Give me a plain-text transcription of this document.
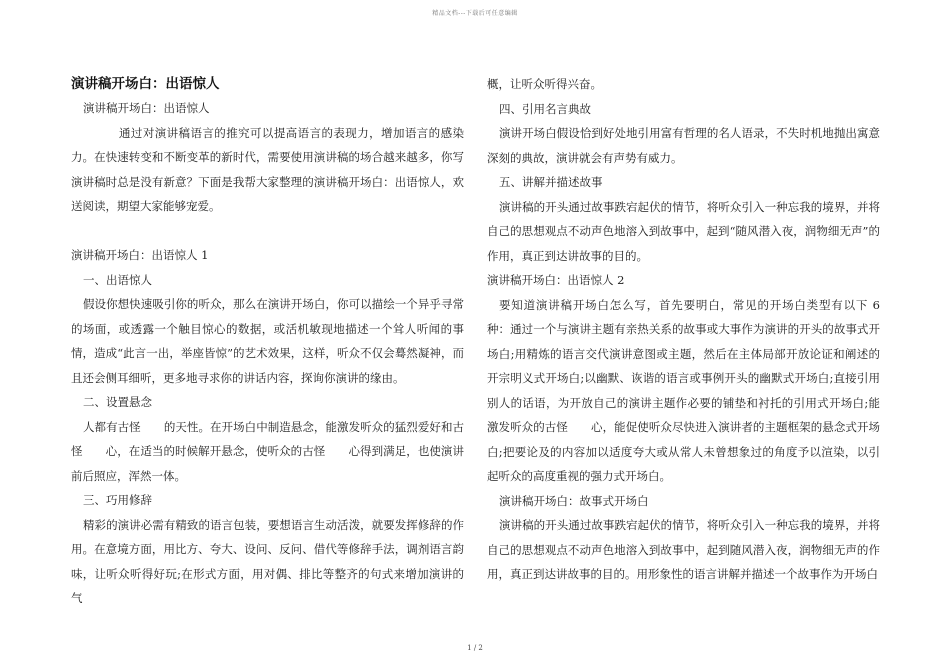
精品文档---下载后可任意编辑
演讲稿开场白：出语惊人
演讲稿开场白：出语惊人
通过对演讲稿语言的推究可以提高语言的表现力，增加语言的感染力。在快速转变和不断变革的新时代，需要使用演讲稿的场合越来越多，你写演讲稿时总是没有新意？下面是我帮大家整理的演讲稿开场白：出语惊人，欢送阅读，期望大家能够宠爱。
演讲稿开场白：出语惊人 1
一、出语惊人
假设你想快速吸引你的听众，那么在演讲开场白，你可以描绘一个异乎寻常的场面，或透露一个触目惊心的数据，或活机敏现地描述一个耸人听闻的事情，造成“此言一出，举座皆惊”的艺术效果，这样，听众不仅会蓦然凝神，而且还会侧耳细听，更多地寻求你的讲话内容，探询你演讲的缘由。
二、设置悬念
人都有古怪　　的天性。在开场白中制造悬念，能激发听众的猛烈爱好和古怪　　心，在适当的时候解开悬念，使听众的古怪　　心得到满足，也使演讲前后照应，浑然一体。
三、巧用修辞
精彩的演讲必需有精致的语言包装，要想语言生动活泼，就要发挥修辞的作用。在意境方面，用比方、夸大、设问、反问、借代等修辞手法，调剂语言韵味，让听众听得好玩;在形式方面，用对偶、排比等整齐的句式来增加演讲的气
概，让听众听得兴奋。
四、引用名言典故
演讲开场白假设恰到好处地引用富有哲理的名人语录，不失时机地抛出寓意深刻的典故，演讲就会有声势有威力。
五、讲解并描述故事
演讲稿的开头通过故事跌宕起伏的情节，将听众引入一种忘我的境界，并将自己的思想观点不动声色地溶入到故事中，起到“随风潜入夜，润物细无声”的作用，真正到达讲故事的目的。
演讲稿开场白：出语惊人 2
要知道演讲稿开场白怎么写，首先要明白，常见的开场白类型有以下 6 种：通过一个与演讲主题有亲热关系的故事或大事作为演讲的开头的故事式开场白;用精炼的语言交代演讲意图或主题，然后在主体局部开放论证和阐述的开宗明义式开场白;以幽默、诙谐的语言或事例开头的幽默式开场白;直接引用别人的话语，为开放自己的演讲主题作必要的铺垫和衬托的引用式开场白;能激发听众的古怪　　心，能促使听众尽快进入演讲者的主题框架的悬念式开场白;把要论及的内容加以适度夸大或从常人未曾想象过的角度予以渲染，以引起听众的高度重视的强力式开场白。
演讲稿开场白：故事式开场白
演讲稿的开头通过故事跌宕起伏的情节，将听众引入一种忘我的境界，并将自己的思想观点不动声色地溶入到故事中，起到随风潜入夜，润物细无声的作用，真正到达讲故事的目的。用形象性的语言讲解并描述一个故事作为开场白
1 / 2
